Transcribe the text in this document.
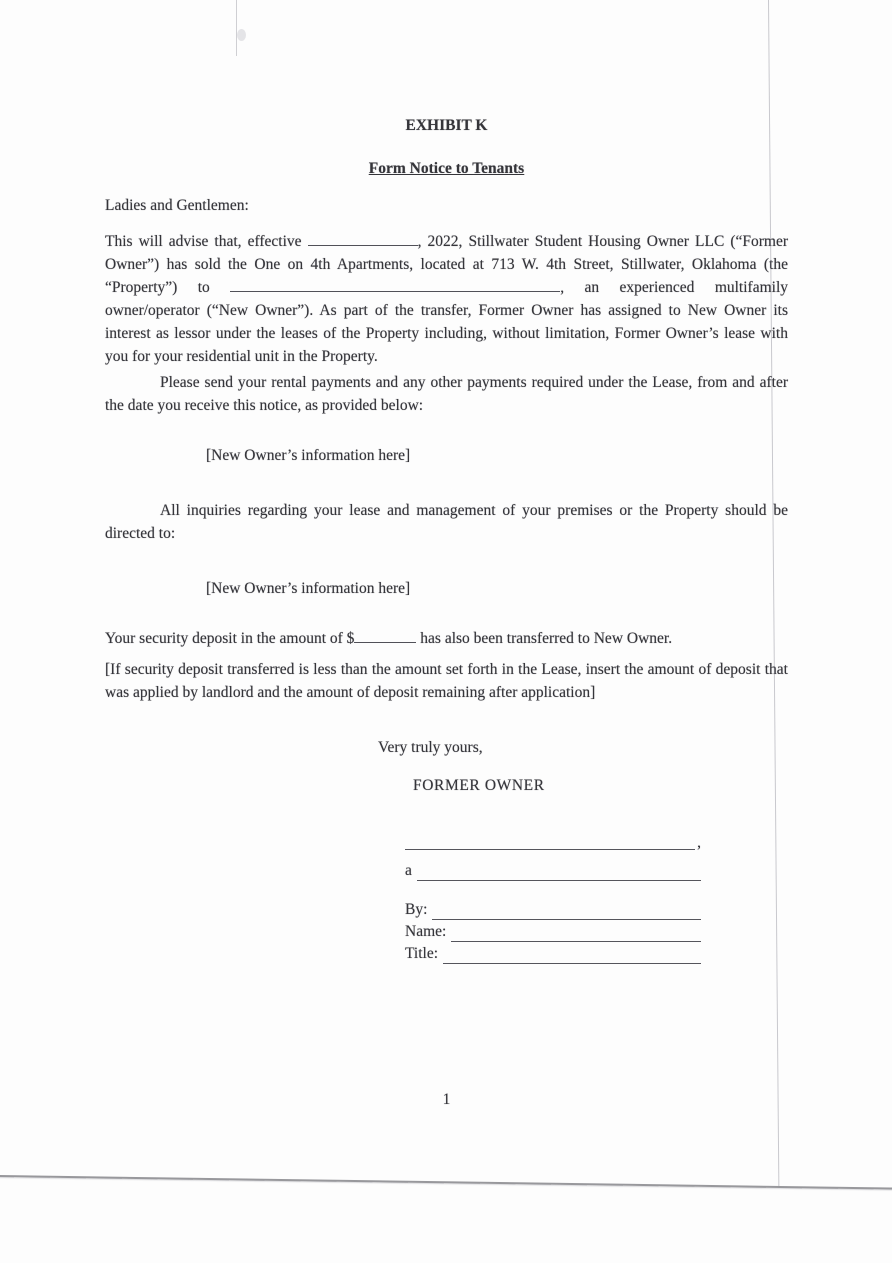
EXHIBIT K
Form Notice to Tenants
Ladies and Gentlemen:
This will advise that, effective	, 2022, Stillwater Student Housing Owner LLC (“Former Owner”) has sold the One on 4th Apartments, located at 713 W. 4th Street, Stillwater, Oklahoma (the “Property”) to	, an experienced multifamily owner/operator (“New Owner”). As part of the transfer, Former Owner has assigned to New Owner its interest as lessor under the leases of the Property including, without limitation, Former Owner’s lease with you for your residential unit in the Property.
Please send your rental payments and any other payments required under the Lease, from and after the date you receive this notice, as provided below:
[New Owner’s information here]
All inquiries regarding your lease and management of your premises or the Property should be directed to:
[New Owner’s information here]
Your security deposit in the amount of $	has also been transferred to New Owner.
[If security deposit transferred is less than the amount set forth in the Lease, insert the amount of deposit that was applied by landlord and the amount of deposit remaining after application]
Very truly yours,
FORMER OWNER
,
a
By:
Name:
Title:
1
